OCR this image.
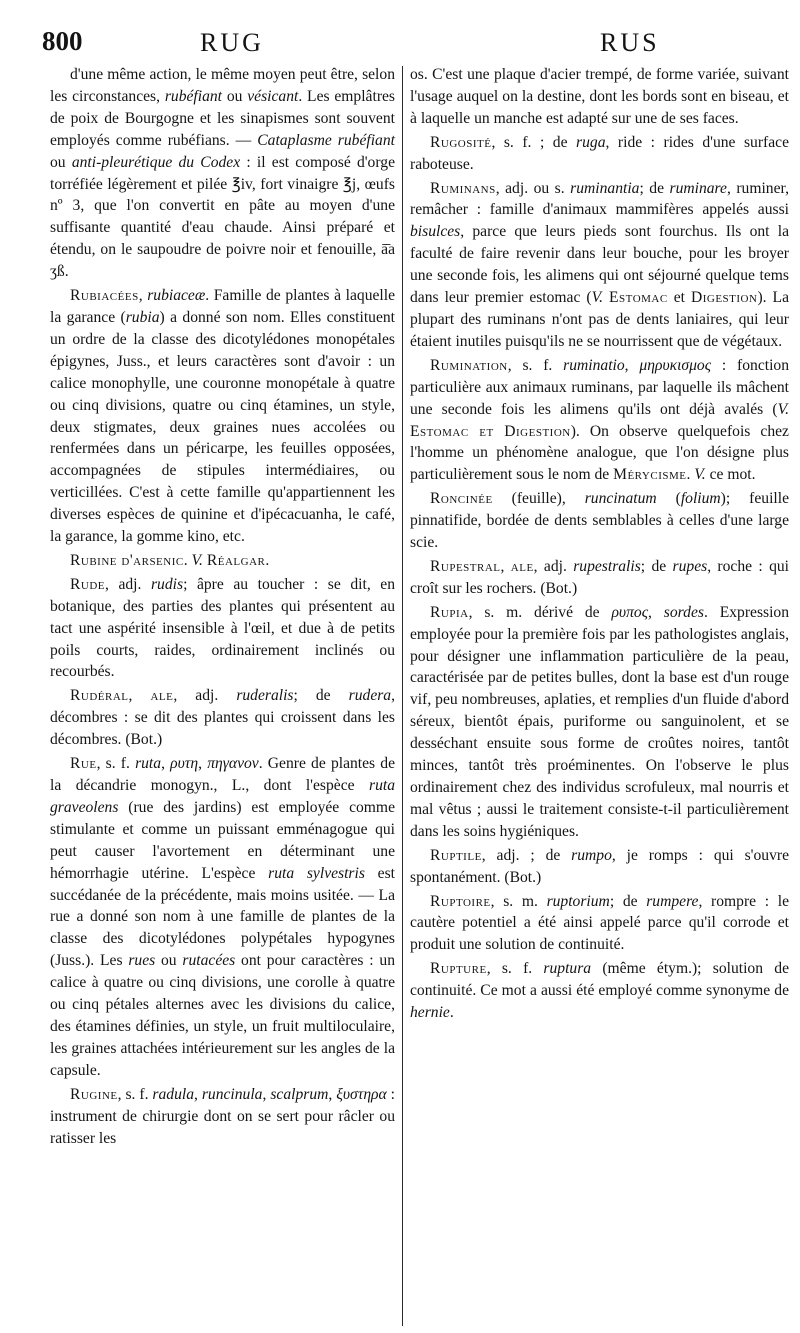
800	RUG	RUS

d'une même action, le même moyen peut être, selon les circonstances, rubéfiant ou vésicant. Les emplâtres de poix de Bourgogne et les sinapismes sont souvent employés comme rubéfians. — Cataplasme rubéfiant ou anti-pleurétique du Codex : il est composé d'orge torréfiée légèrement et pilée ℥iv, fort vinaigre ℥j, œufs nº 3, que l'on convertit en pâte au moyen d'une suffisante quantité d'eau chaude. Ainsi préparé et étendu, on le saupoudre de poivre noir et fenouille, ā̄a ʒß.

Rubiacées, rubiaceæ. Famille de plantes à laquelle la garance (rubia) a donné son nom. Elles constituent un ordre de la classe des dicotylédones monopétales épigynes, Juss., et leurs caractères sont d'avoir : un calice monophylle, une couronne monopétale à quatre ou cinq divisions, quatre ou cinq étamines, un style, deux stigmates, deux graines nues accolées ou renfermées dans un péricarpe, les feuilles opposées, accompagnées de stipules intermédiaires, ou verticillées. C'est à cette famille qu'appartiennent les diverses espèces de quinine et d'ipécacuanha, le café, la garance, la gomme kino, etc.

Rubine d'arsenic. V. Réalgar.

Rude, adj. rudis; âpre au toucher : se dit, en botanique, des parties des plantes qui présentent au tact une aspérité insensible à l'œil, et due à de petits poils courts, raides, ordinairement inclinés ou recourbés.

Rudéral, ale, adj. ruderalis; de rudera, décombres : se dit des plantes qui croissent dans les décombres. (Bot.)

Rue, s. f. ruta, ρυτη, πηγανον. Genre de plantes de la décandrie monogyn., L., dont l'espèce ruta graveolens (rue des jardins) est employée comme stimulante et comme un puissant emménagogue qui peut causer l'avortement en déterminant une hémorrhagie utérine. L'espèce ruta sylvestris est succédanée de la précédente, mais moins usitée. — La rue a donné son nom à une famille de plantes de la classe des dicotylédones polypétales hypogynes (Juss.). Les rues ou rutacées ont pour caractères : un calice à quatre ou cinq divisions, une corolle à quatre ou cinq pétales alternes avec les divisions du calice, des étamines définies, un style, un fruit multiloculaire, les graines attachées intérieurement sur les angles de la capsule.

Rugine, s. f. radula, runcinula, scalprum, ξυστηρα : instrument de chirurgie dont on se sert pour râcler ou ratisser les

os. C'est une plaque d'acier trempé, de forme variée, suivant l'usage auquel on la destine, dont les bords sont en biseau, et à laquelle un manche est adapté sur une de ses faces.

Rugosité, s. f. ; de ruga, ride : rides d'une surface raboteuse.

Ruminans, adj. ou s. ruminantia; de ruminare, ruminer, remâcher : famille d'animaux mammifères appelés aussi bisulces, parce que leurs pieds sont fourchus. Ils ont la faculté de faire revenir dans leur bouche, pour les broyer une seconde fois, les alimens qui ont séjourné quelque tems dans leur premier estomac (V. Estomac et Digestion). La plupart des ruminans n'ont pas de dents laniaires, qui leur étaient inutiles puisqu'ils ne se nourrissent que de végétaux.

Rumination, s. f. ruminatio, μηρυκισμος : fonction particulière aux animaux ruminans, par laquelle ils mâchent une seconde fois les alimens qu'ils ont déjà avalés (V. Estomac et Digestion). On observe quelquefois chez l'homme un phénomène analogue, que l'on désigne plus particulièrement sous le nom de Mérycisme. V. ce mot.

Roncinée (feuille), runcinatum (folium); feuille pinnatifide, bordée de dents semblables à celles d'une large scie.

Rupestral, ale, adj. rupestralis; de rupes, roche : qui croît sur les rochers. (Bot.)

Rupia, s. m. dérivé de ρυπος, sordes. Expression employée pour la première fois par les pathologistes anglais, pour désigner une inflammation particulière de la peau, caractérisée par de petites bulles, dont la base est d'un rouge vif, peu nombreuses, aplaties, et remplies d'un fluide d'abord séreux, bientôt épais, puriforme ou sanguinolent, et se desséchant ensuite sous forme de croûtes noires, tantôt minces, tantôt très proéminentes. On l'observe le plus ordinairement chez des individus scrofuleux, mal nourris et mal vêtus ; aussi le traitement consiste-t-il particulièrement dans les soins hygiéniques.

Ruptile, adj. ; de rumpo, je romps : qui s'ouvre spontanément. (Bot.)

Ruptoire, s. m. ruptorium; de rumpere, rompre : le cautère potentiel a été ainsi appelé parce qu'il corrode et produit une solution de continuité.

Rupture, s. f. ruptura (même étym.); solution de continuité. Ce mot a aussi été employé comme synonyme de hernie.
